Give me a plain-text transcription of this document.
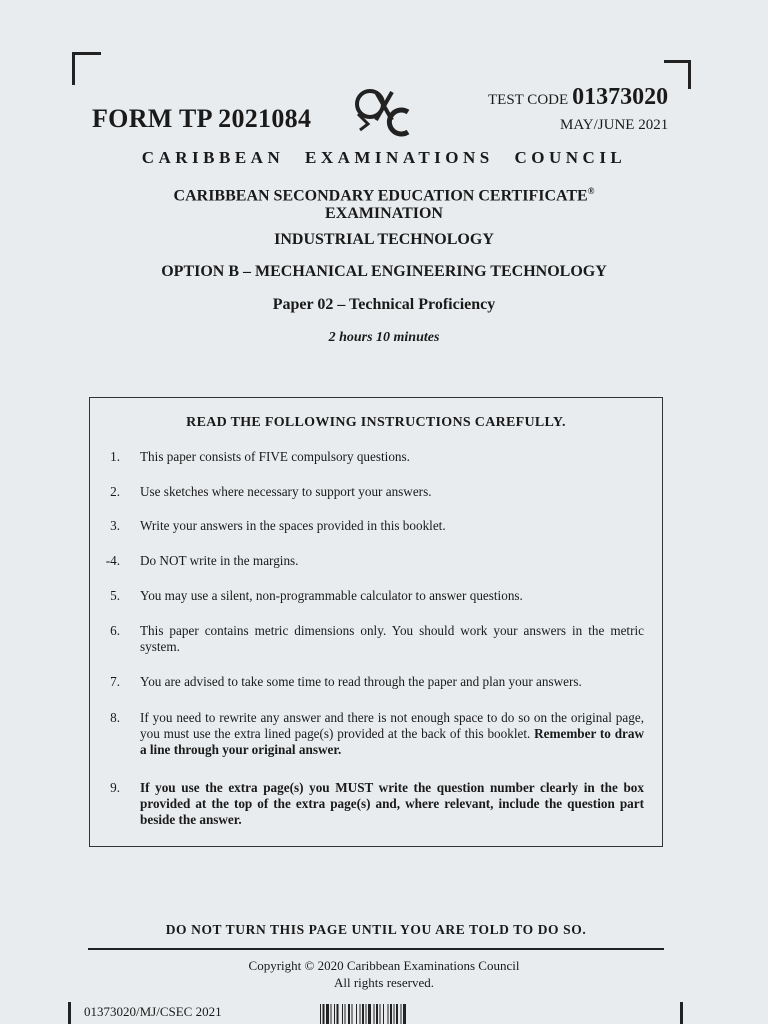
FORM TP 2021084
CXC
TEST CODE 01373020
MAY/JUNE 2021
CARIBBEAN EXAMINATIONS COUNCIL
CARIBBEAN SECONDARY EDUCATION CERTIFICATE®
EXAMINATION
INDUSTRIAL TECHNOLOGY
OPTION B – MECHANICAL ENGINEERING TECHNOLOGY
Paper 02 – Technical Proficiency
2 hours 10 minutes
READ THE FOLLOWING INSTRUCTIONS CAREFULLY.
1. This paper consists of FIVE compulsory questions.
2. Use sketches where necessary to support your answers.
3. Write your answers in the spaces provided in this booklet.
-4. Do NOT write in the margins.
5. You may use a silent, non-programmable calculator to answer questions.
6. This paper contains metric dimensions only. You should work your answers in the metric system.
7. You are advised to take some time to read through the paper and plan your answers.
8. If you need to rewrite any answer and there is not enough space to do so on the original page, you must use the extra lined page(s) provided at the back of this booklet. Remember to draw a line through your original answer.
9. If you use the extra page(s) you MUST write the question number clearly in the box provided at the top of the extra page(s) and, where relevant, include the question part beside the answer.
DO NOT TURN THIS PAGE UNTIL YOU ARE TOLD TO DO SO.
Copyright © 2020 Caribbean Examinations Council
All rights reserved.
01373020/MJ/CSEC 2021
